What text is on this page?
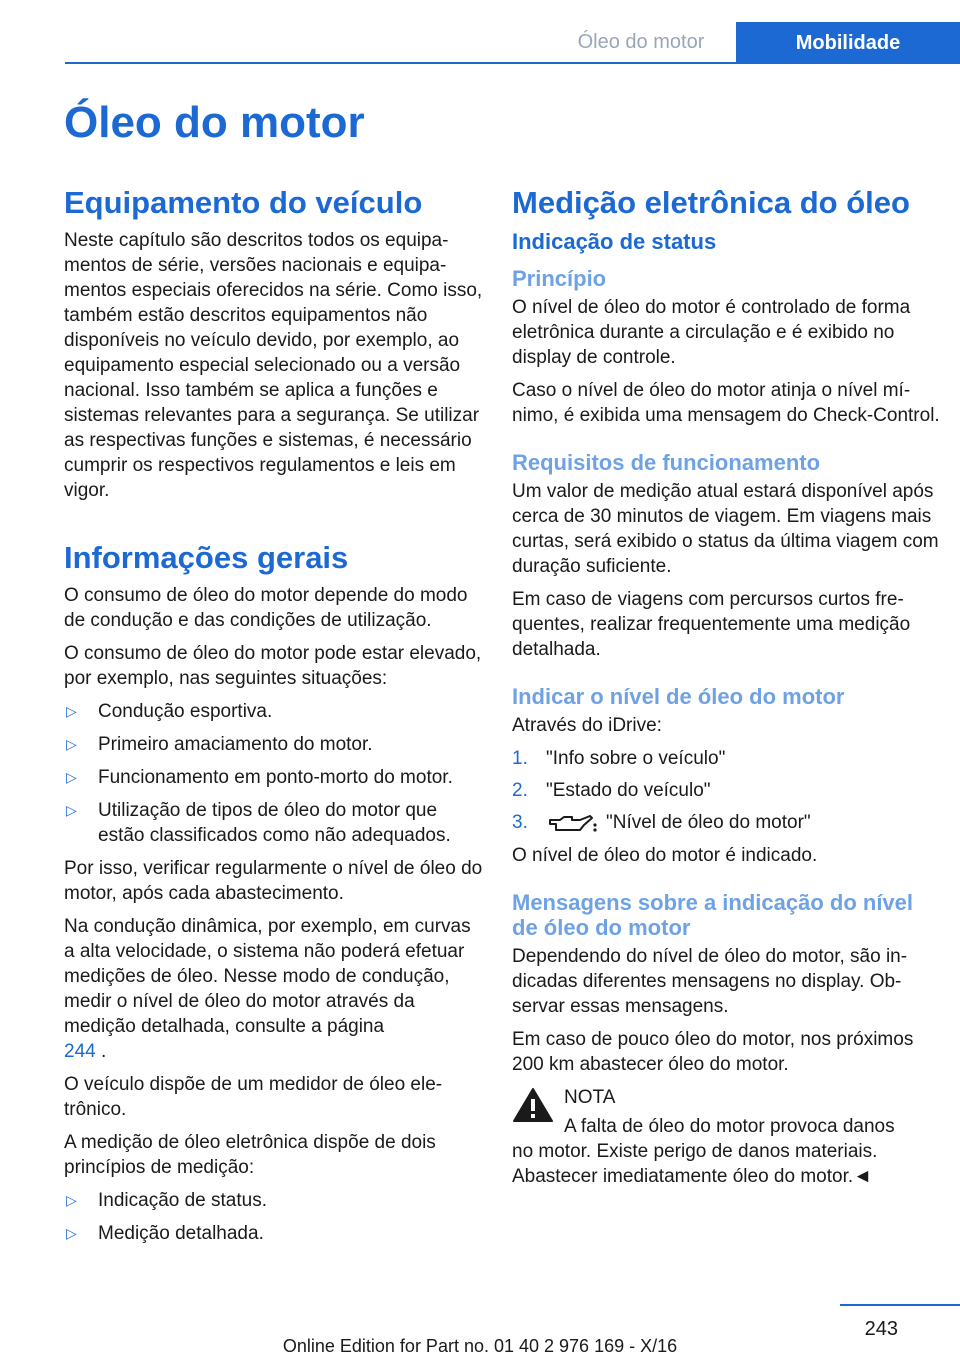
Óleo do motor	Mobilidade
Óleo do motor
Equipamento do veículo

Neste capítulo são descritos todos os equipamentos de série, versões nacionais e equipamentos especiais oferecidos na série. Como isso, também estão descritos equipamentos não disponíveis no veículo devido, por exemplo, ao equipamento especial selecionado ou a versão nacional. Isso também se aplica a funções e sistemas relevantes para a segurança. Se utilizar as respectivas funções e sistemas, é necessário cumprir os respectivos regulamentos e leis em vigor.

Informações gerais

O consumo de óleo do motor depende do modo de condução e das condições de utilização.

O consumo de óleo do motor pode estar elevado, por exemplo, nas seguintes situações:

▷ Condução esportiva.
▷ Primeiro amaciamento do motor.
▷ Funcionamento em ponto-morto do motor.
▷ Utilização de tipos de óleo do motor que estão classificados como não adequados.

Por isso, verificar regularmente o nível de óleo do motor, após cada abastecimento.

Na condução dinâmica, por exemplo, em curvas a alta velocidade, o sistema não poderá efetuar medições de óleo. Nesse modo de condução, medir o nível de óleo do motor através da medição detalhada, consulte a página
244 .

O veículo dispõe de um medidor de óleo eletrônico.

A medição de óleo eletrônica dispõe de dois princípios de medição:

▷ Indicação de status.
▷ Medição detalhada.
Medição eletrônica do óleo
Indicação de status
Princípio

O nível de óleo do motor é controlado de forma eletrônica durante a circulação e é exibido no display de controle.

Caso o nível de óleo do motor atinja o nível mínimo, é exibida uma mensagem do Check-Control.

Requisitos de funcionamento

Um valor de medição atual estará disponível após cerca de 30 minutos de viagem. Em viagens mais curtas, será exibido o status da última viagem com duração suficiente.

Em caso de viagens com percursos curtos frequentes, realizar frequentemente uma medição detalhada.

Indicar o nível de óleo do motor

Através do iDrive:

1. "Info sobre o veículo"
2. "Estado do veículo"
3.	"Nível de óleo do motor"

O nível de óleo do motor é indicado.

Mensagens sobre a indicação do nível de óleo do motor

Dependendo do nível de óleo do motor, são indicadas diferentes mensagens no display. Observar essas mensagens.

Em caso de pouco óleo do motor, nos próximos 200 km abastecer óleo do motor.

NOTA

A falta de óleo do motor provoca danos
no motor. Existe perigo de danos materiais. Abastecer imediatamente óleo do motor.◄

243
Online Edition for Part no. 01 40 2 976 169 - X/16
